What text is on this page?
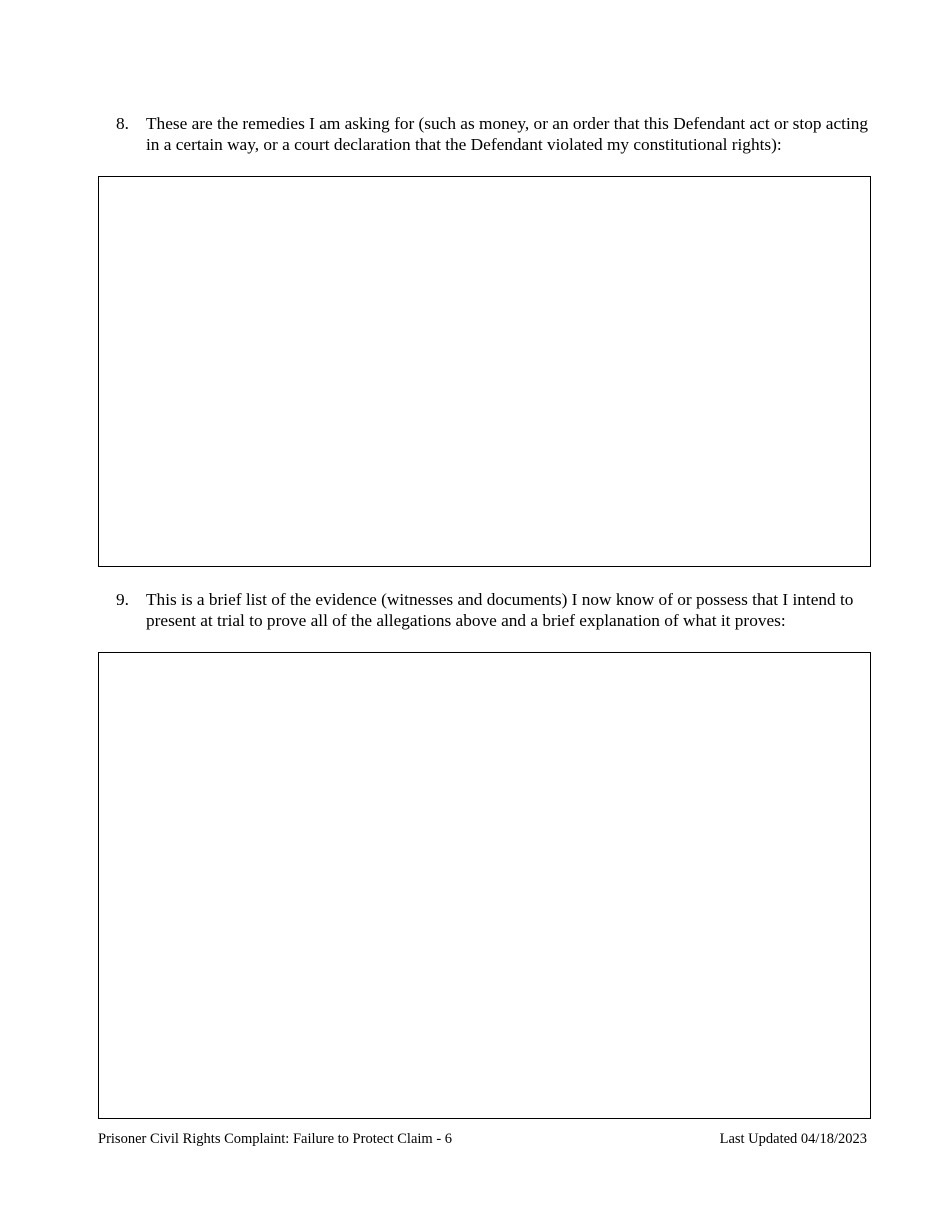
8. These are the remedies I am asking for (such as money, or an order that this Defendant act or stop acting in a certain way, or a court declaration that the Defendant violated my constitutional rights):
9. This is a brief list of the evidence (witnesses and documents) I now know of or possess that I intend to present at trial to prove all of the allegations above and a brief explanation of what it proves:
Prisoner Civil Rights Complaint: Failure to Protect Claim - 6	Last Updated 04/18/2023
